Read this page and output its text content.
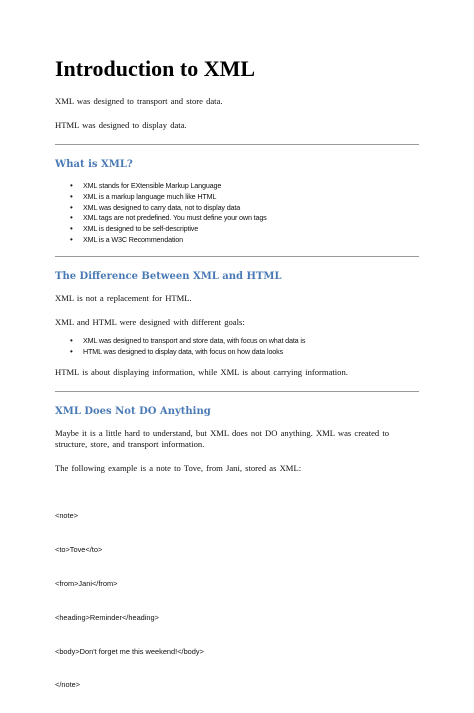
Introduction to XML

XML was designed to transport and store data.

HTML was designed to display data.

What is XML?
• XML stands for EXtensible Markup Language
• XML is a markup language much like HTML
• XML was designed to carry data, not to display data
• XML tags are not predefined. You must define your own tags
• XML is designed to be self-descriptive
• XML is a W3C Recommendation
The Difference Between XML and HTML

XML is not a replacement for HTML.

XML and HTML were designed with different goals:

• XML was designed to transport and store data, with focus on what data is
• HTML was designed to display data, with focus on how data looks

HTML is about displaying information, while XML is about carrying information.

XML Does Not DO Anything

Maybe it is a little hard to understand, but XML does not DO anything. XML was created to structure, store, and transport information.

The following example is a note to Tove, from Jani, stored as XML:

<note>

<to>Tove</to>

<from>Jani</from>

<heading>Reminder</heading>

<body>Don't forget me this weekend!</body>

</note>
